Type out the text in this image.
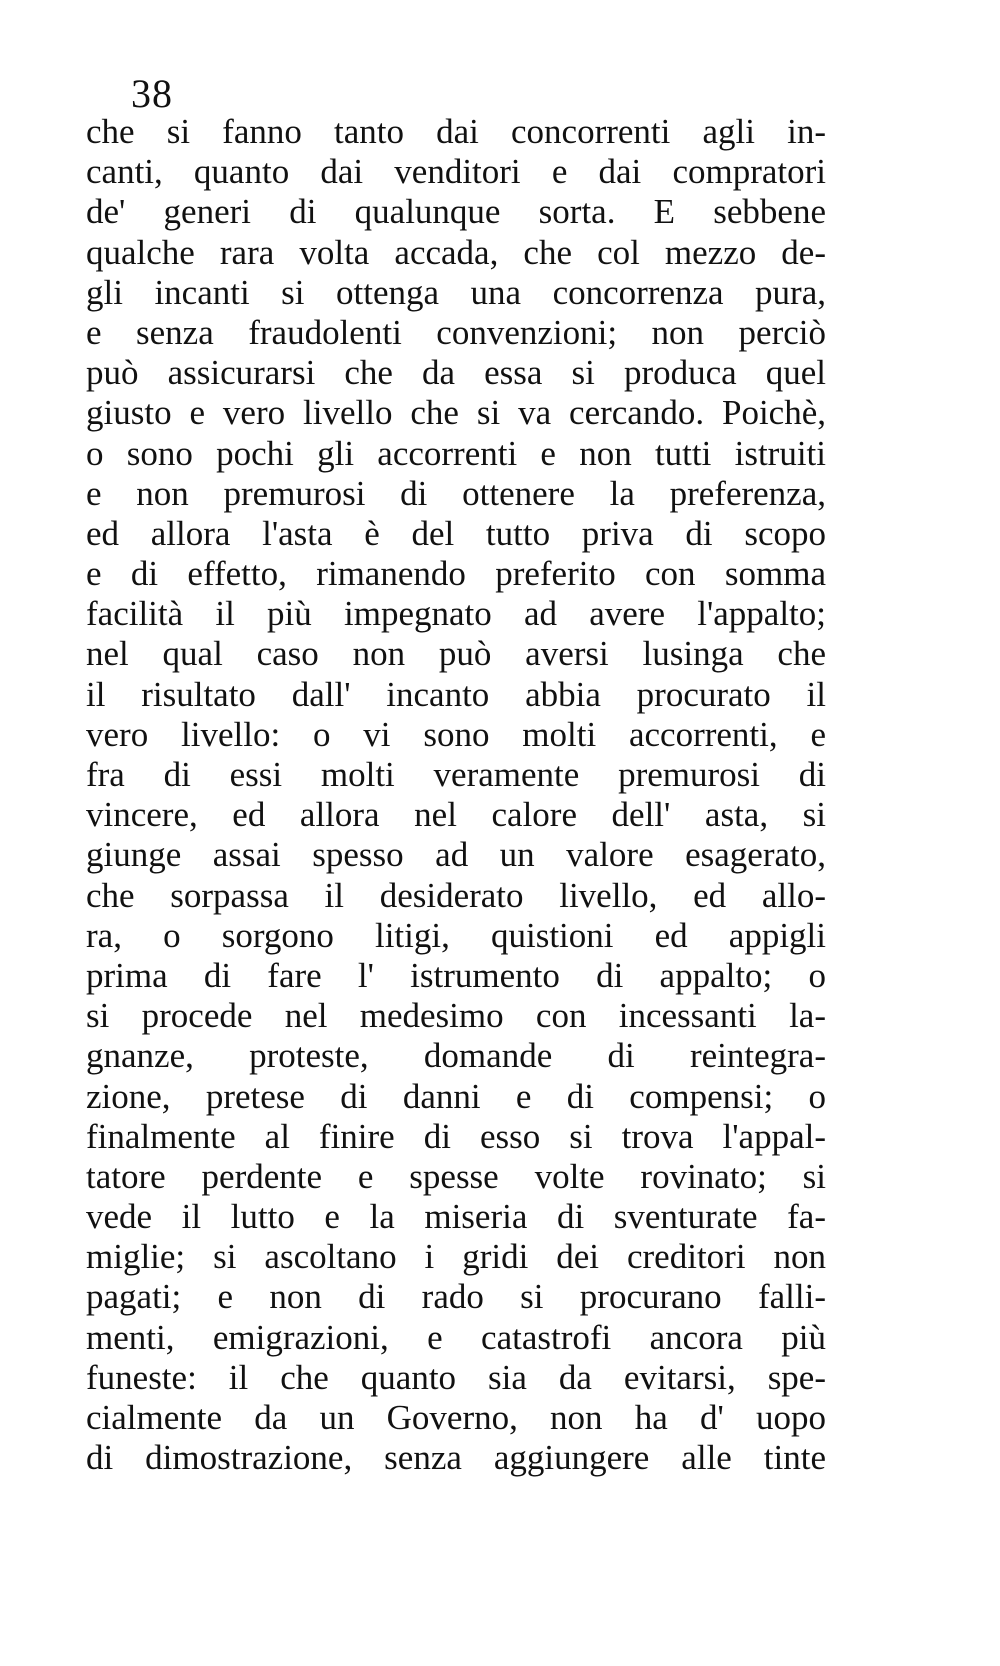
38
che si fanno tanto dai concorrenti agli in-
canti, quanto dai venditori e dai compratori
de' generi di qualunque sorta. E sebbene
qualche rara volta accada, che col mezzo de-
gli incanti si ottenga una concorrenza pura,
e senza fraudolenti convenzioni; non perciò
può assicurarsi che da essa si produca quel
giusto e vero livello che si va cercando. Poichè,
o sono pochi gli accorrenti e non tutti istruiti
e non premurosi di ottenere la preferenza,
ed allora l'asta è del tutto priva di scopo
e di effetto, rimanendo preferito con somma
facilità il più impegnato ad avere l'appalto;
nel qual caso non può aversi lusinga che
il risultato dall' incanto abbia procurato il
vero livello: o vi sono molti accorrenti, e
fra di essi molti veramente premurosi di
vincere, ed allora nel calore dell' asta, si
giunge assai spesso ad un valore esagerato,
che sorpassa il desiderato livello, ed allo-
ra, o sorgono litigi, quistioni ed appigli
prima di fare l' istrumento di appalto; o
si procede nel medesimo con incessanti la-
gnanze, proteste, domande di reintegra-
zione, pretese di danni e di compensi; o
finalmente al finire di esso si trova l'appal-
tatore perdente e spesse volte rovinato; si
vede il lutto e la miseria di sventurate fa-
miglie; si ascoltano i gridi dei creditori non
pagati; e non di rado si procurano falli-
menti, emigrazioni, e catastrofi ancora più
funeste: il che quanto sia da evitarsi, spe-
cialmente da un Governo, non ha d' uopo
di dimostrazione, senza aggiungere alle tinte
